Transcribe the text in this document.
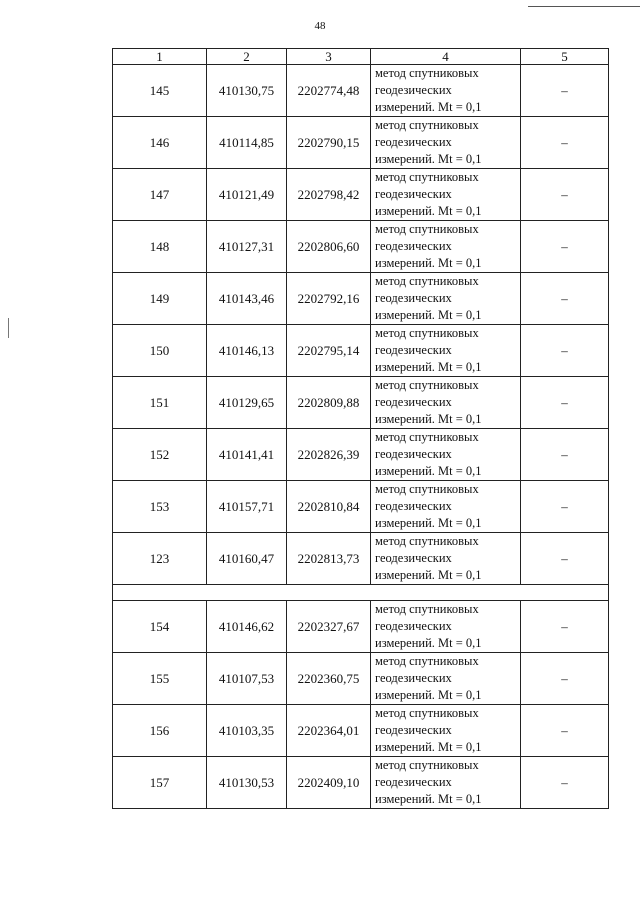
48
1	2	3	4	5
145	410130,75	2202774,48	метод спутниковых
геодезических
измерений. Mt = 0,1	–
146	410114,85	2202790,15	метод спутниковых
геодезических
измерений. Mt = 0,1	–
147	410121,49	2202798,42	метод спутниковых
геодезических
измерений. Mt = 0,1	–
148	410127,31	2202806,60	метод спутниковых
геодезических
измерений. Mt = 0,1	–
149	410143,46	2202792,16	метод спутниковых
геодезических
измерений. Mt = 0,1	–
150	410146,13	2202795,14	метод спутниковых
геодезических
измерений. Mt = 0,1	–
151	410129,65	2202809,88	метод спутниковых
геодезических
измерений. Mt = 0,1	–
152	410141,41	2202826,39	метод спутниковых
геодезических
измерений. Mt = 0,1	–
153	410157,71	2202810,84	метод спутниковых
геодезических
измерений. Mt = 0,1	–
123	410160,47	2202813,73	метод спутниковых
геодезических
измерений. Mt = 0,1	–

154	410146,62	2202327,67	метод спутниковых
геодезических
измерений. Mt = 0,1	–
155	410107,53	2202360,75	метод спутниковых
геодезических
измерений. Mt = 0,1	–
156	410103,35	2202364,01	метод спутниковых
геодезических
измерений. Mt = 0,1	–
157	410130,53	2202409,10	метод спутниковых
геодезических
измерений. Mt = 0,1	–
